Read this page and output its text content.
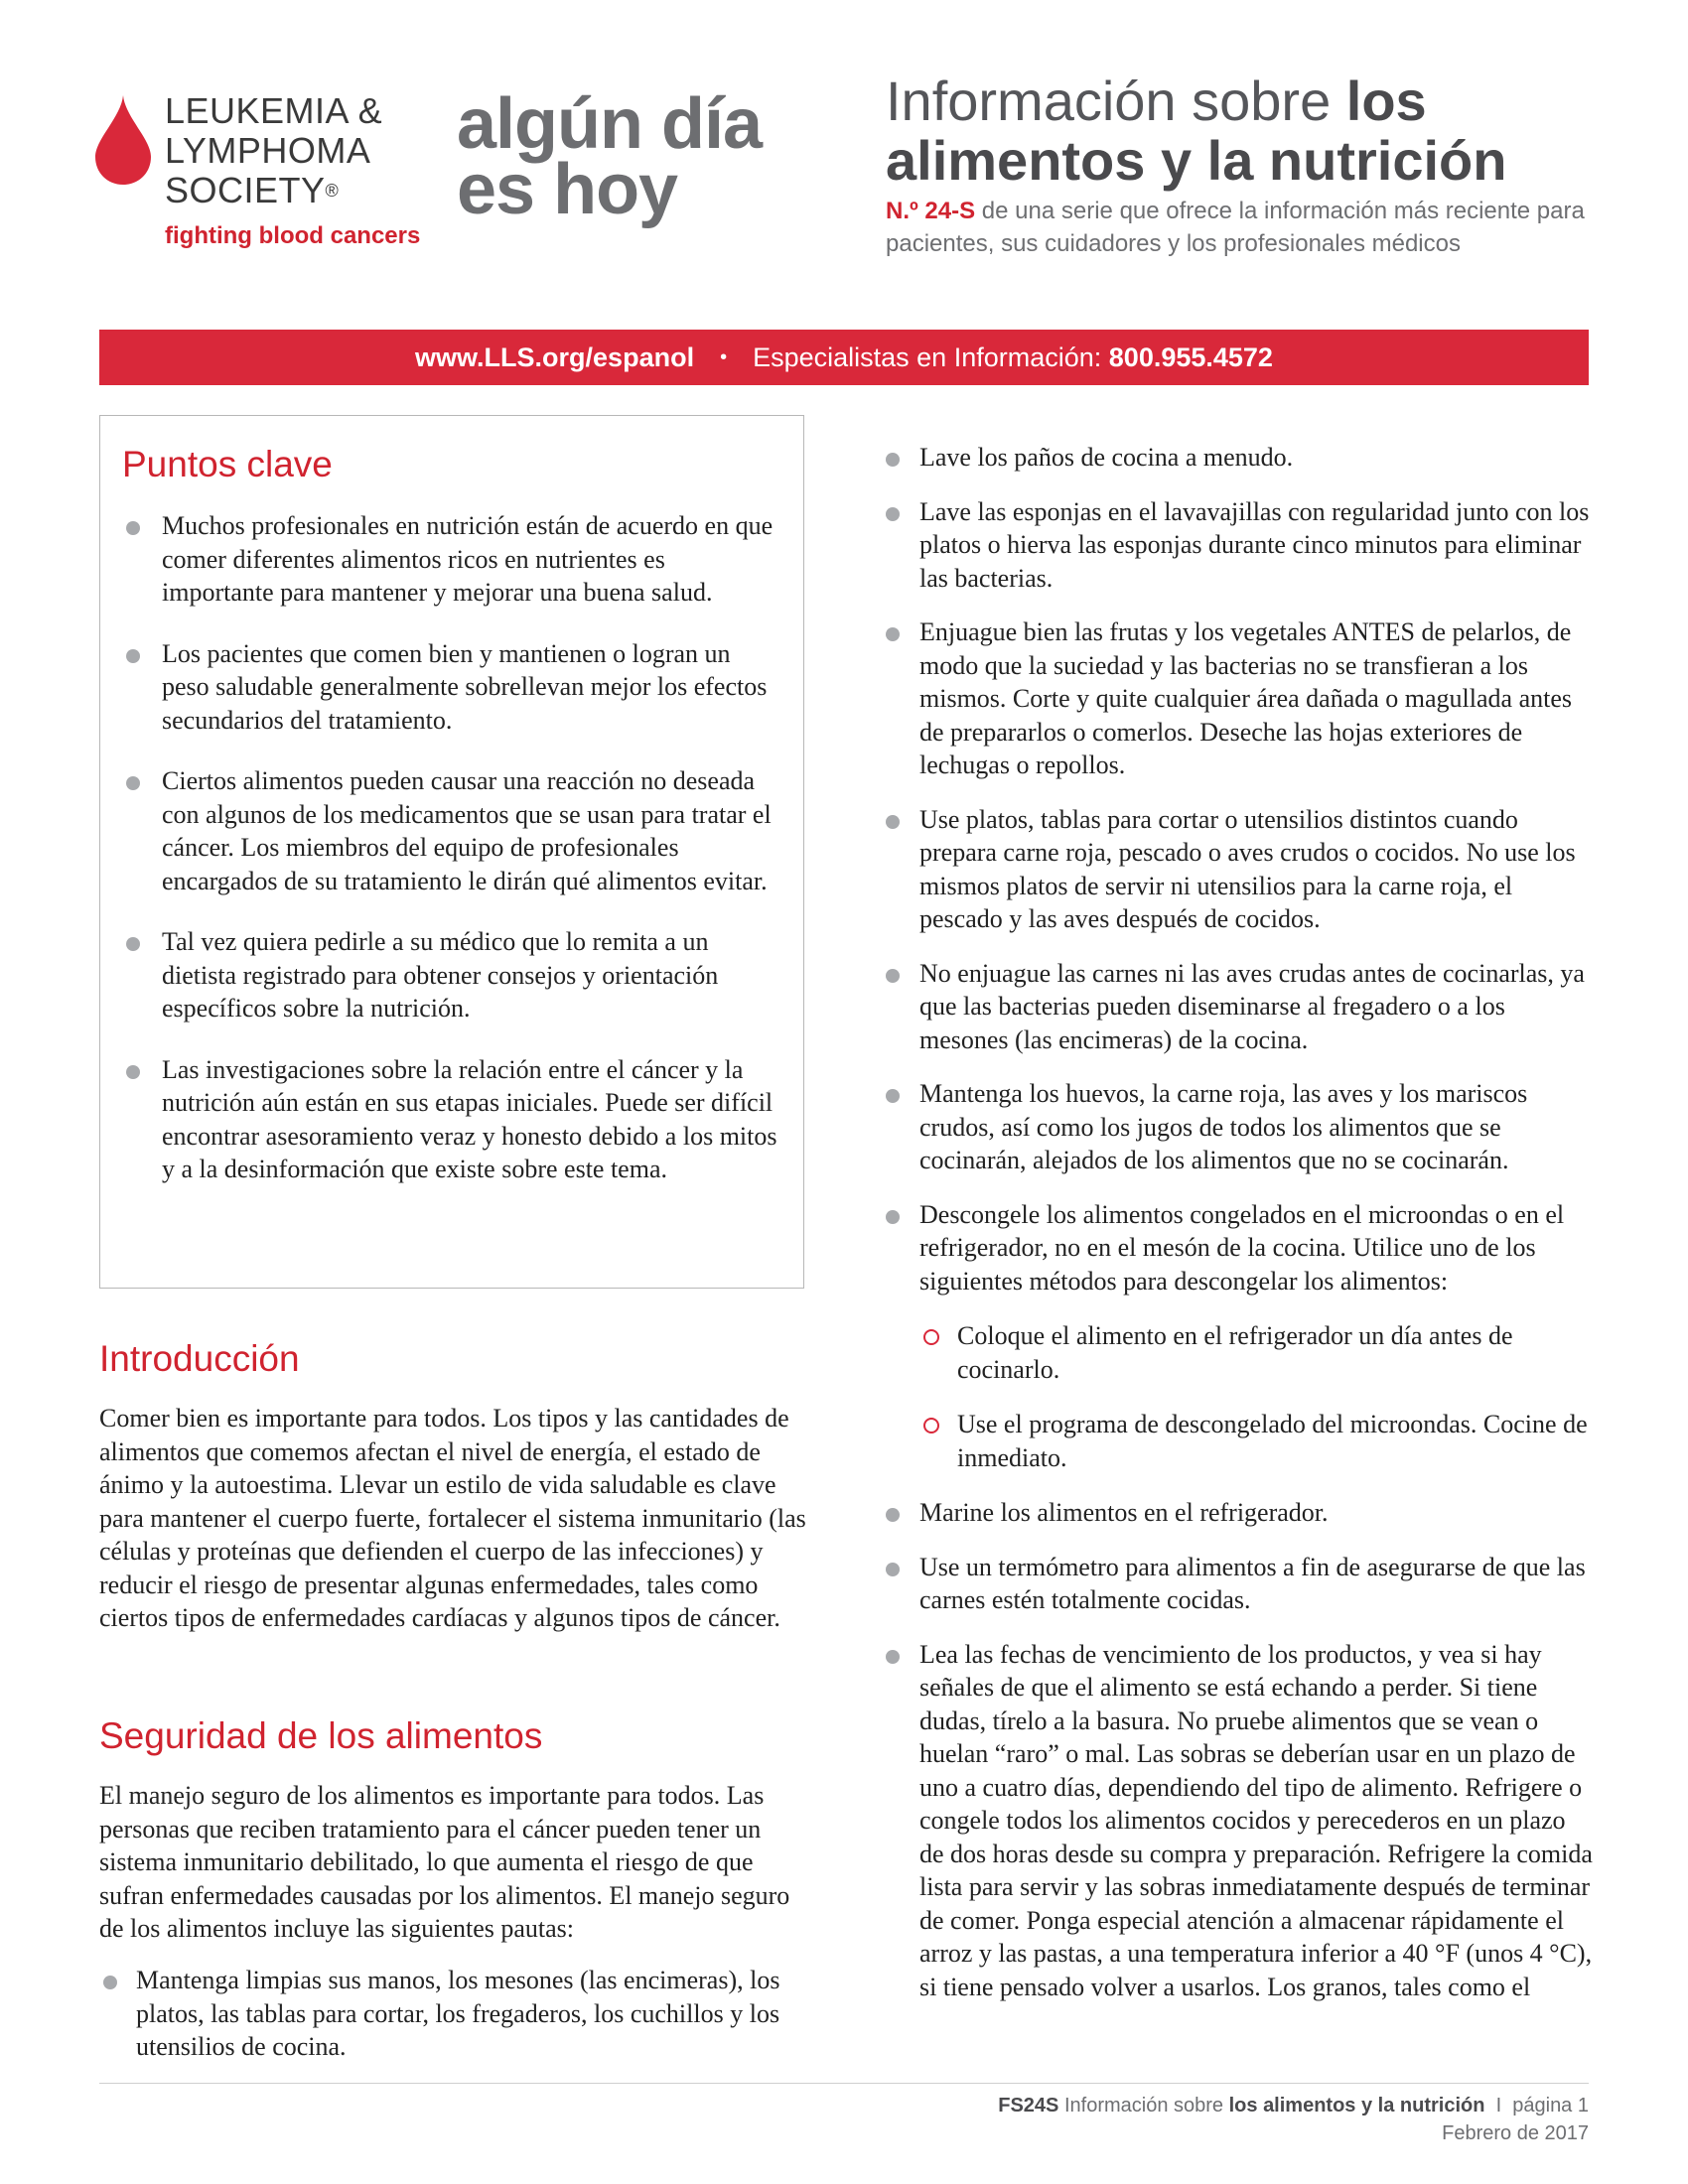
LEUKEMIA &
LYMPHOMA
SOCIETY®
fighting blood cancers
algún día
es hoy
Información sobre los
alimentos y la nutrición
N.º 24-S de una serie que ofrece la información más reciente para pacientes, sus cuidadores y los profesionales médicos
www.LLS.org/espanol • Especialistas en Información:
800.955.4572
Puntos clave
Muchos profesionales en nutrición están de acuerdo en que comer diferentes alimentos ricos en nutrientes es importante para mantener y mejorar una buena salud.
Los pacientes que comen bien y mantienen o logran un peso saludable generalmente sobrellevan mejor los efectos secundarios del tratamiento.
Ciertos alimentos pueden causar una reacción no deseada con algunos de los medicamentos que se usan para tratar el cáncer. Los miembros del equipo de profesionales encargados de su tratamiento le dirán qué alimentos evitar.
Tal vez quiera pedirle a su médico que lo remita a un dietista registrado para obtener consejos y orientación específicos sobre la nutrición.
Las investigaciones sobre la relación entre el cáncer y la nutrición aún están en sus etapas iniciales. Puede ser difícil encontrar asesoramiento veraz y honesto debido a los mitos y a la desinformación que existe sobre este tema.
Introducción

Comer bien es importante para todos. Los tipos y las cantidades de alimentos que comemos afectan el nivel de energía, el estado de ánimo y la autoestima. Llevar un estilo de vida saludable es clave para mantener el cuerpo fuerte, fortalecer el sistema inmunitario (las células y proteínas que defienden el cuerpo de las infecciones) y reducir el riesgo de presentar algunas enfermedades, tales como ciertos tipos de enfermedades cardíacas y algunos tipos de cáncer.

Seguridad de los alimentos

El manejo seguro de los alimentos es importante para todos. Las personas que reciben tratamiento para el cáncer pueden tener un sistema inmunitario debilitado, lo que aumenta el riesgo de que sufran enfermedades causadas por los alimentos. El manejo seguro de los alimentos incluye las siguientes pautas:

Mantenga limpias sus manos, los mesones (las encimeras), los platos, las tablas para cortar, los fregaderos, los cuchillos y los utensilios de cocina.
Lave los paños de cocina a menudo.
Lave las esponjas en el lavavajillas con regularidad junto con los platos o hierva las esponjas durante cinco minutos para eliminar las bacterias.
Enjuague bien las frutas y los vegetales ANTES de pelarlos, de modo que la suciedad y las bacterias no se transfieran a los mismos. Corte y quite cualquier área dañada o magullada antes de prepararlos o comerlos. Deseche las hojas exteriores de lechugas o repollos.
Use platos, tablas para cortar o utensilios distintos cuando prepara carne roja, pescado o aves crudos o cocidos. No use los mismos platos de servir ni utensilios para la carne roja, el pescado y las aves después de cocidos.
No enjuague las carnes ni las aves crudas antes de cocinarlas, ya que las bacterias pueden diseminarse al fregadero o a los mesones (las encimeras) de la cocina.
Mantenga los huevos, la carne roja, las aves y los mariscos crudos, así como los jugos de todos los alimentos que se cocinarán, alejados de los alimentos que no se cocinarán.
Descongele los alimentos congelados en el microondas o en el refrigerador, no en el mesón de la cocina. Utilice uno de los siguientes métodos para descongelar los alimentos:
Coloque el alimento en el refrigerador un día antes de cocinarlo.
Use el programa de descongelado del microondas. Cocine de inmediato.
Marine los alimentos en el refrigerador.
Use un termómetro para alimentos a fin de asegurarse de que las carnes estén totalmente cocidas.
Lea las fechas de vencimiento de los productos, y vea si hay señales de que el alimento se está echando a perder. Si tiene dudas, tírelo a la basura. No pruebe alimentos que se vean o huelan “raro” o mal. Las sobras se deberían usar en un plazo de uno a cuatro días, dependiendo del tipo de alimento. Refrigere o congele todos los alimentos cocidos y perecederos en un plazo de dos horas desde su compra y preparación. Refrigere la comida lista para servir y las sobras inmediatamente después de terminar de comer. Ponga especial atención a almacenar rápidamente el arroz y las pastas, a una temperatura inferior a 40 °F (unos 4 °C), si tiene pensado volver a usarlos. Los granos, tales como el
FS24S Información sobre los alimentos y la nutrición  I  página 1
Febrero de 2017
